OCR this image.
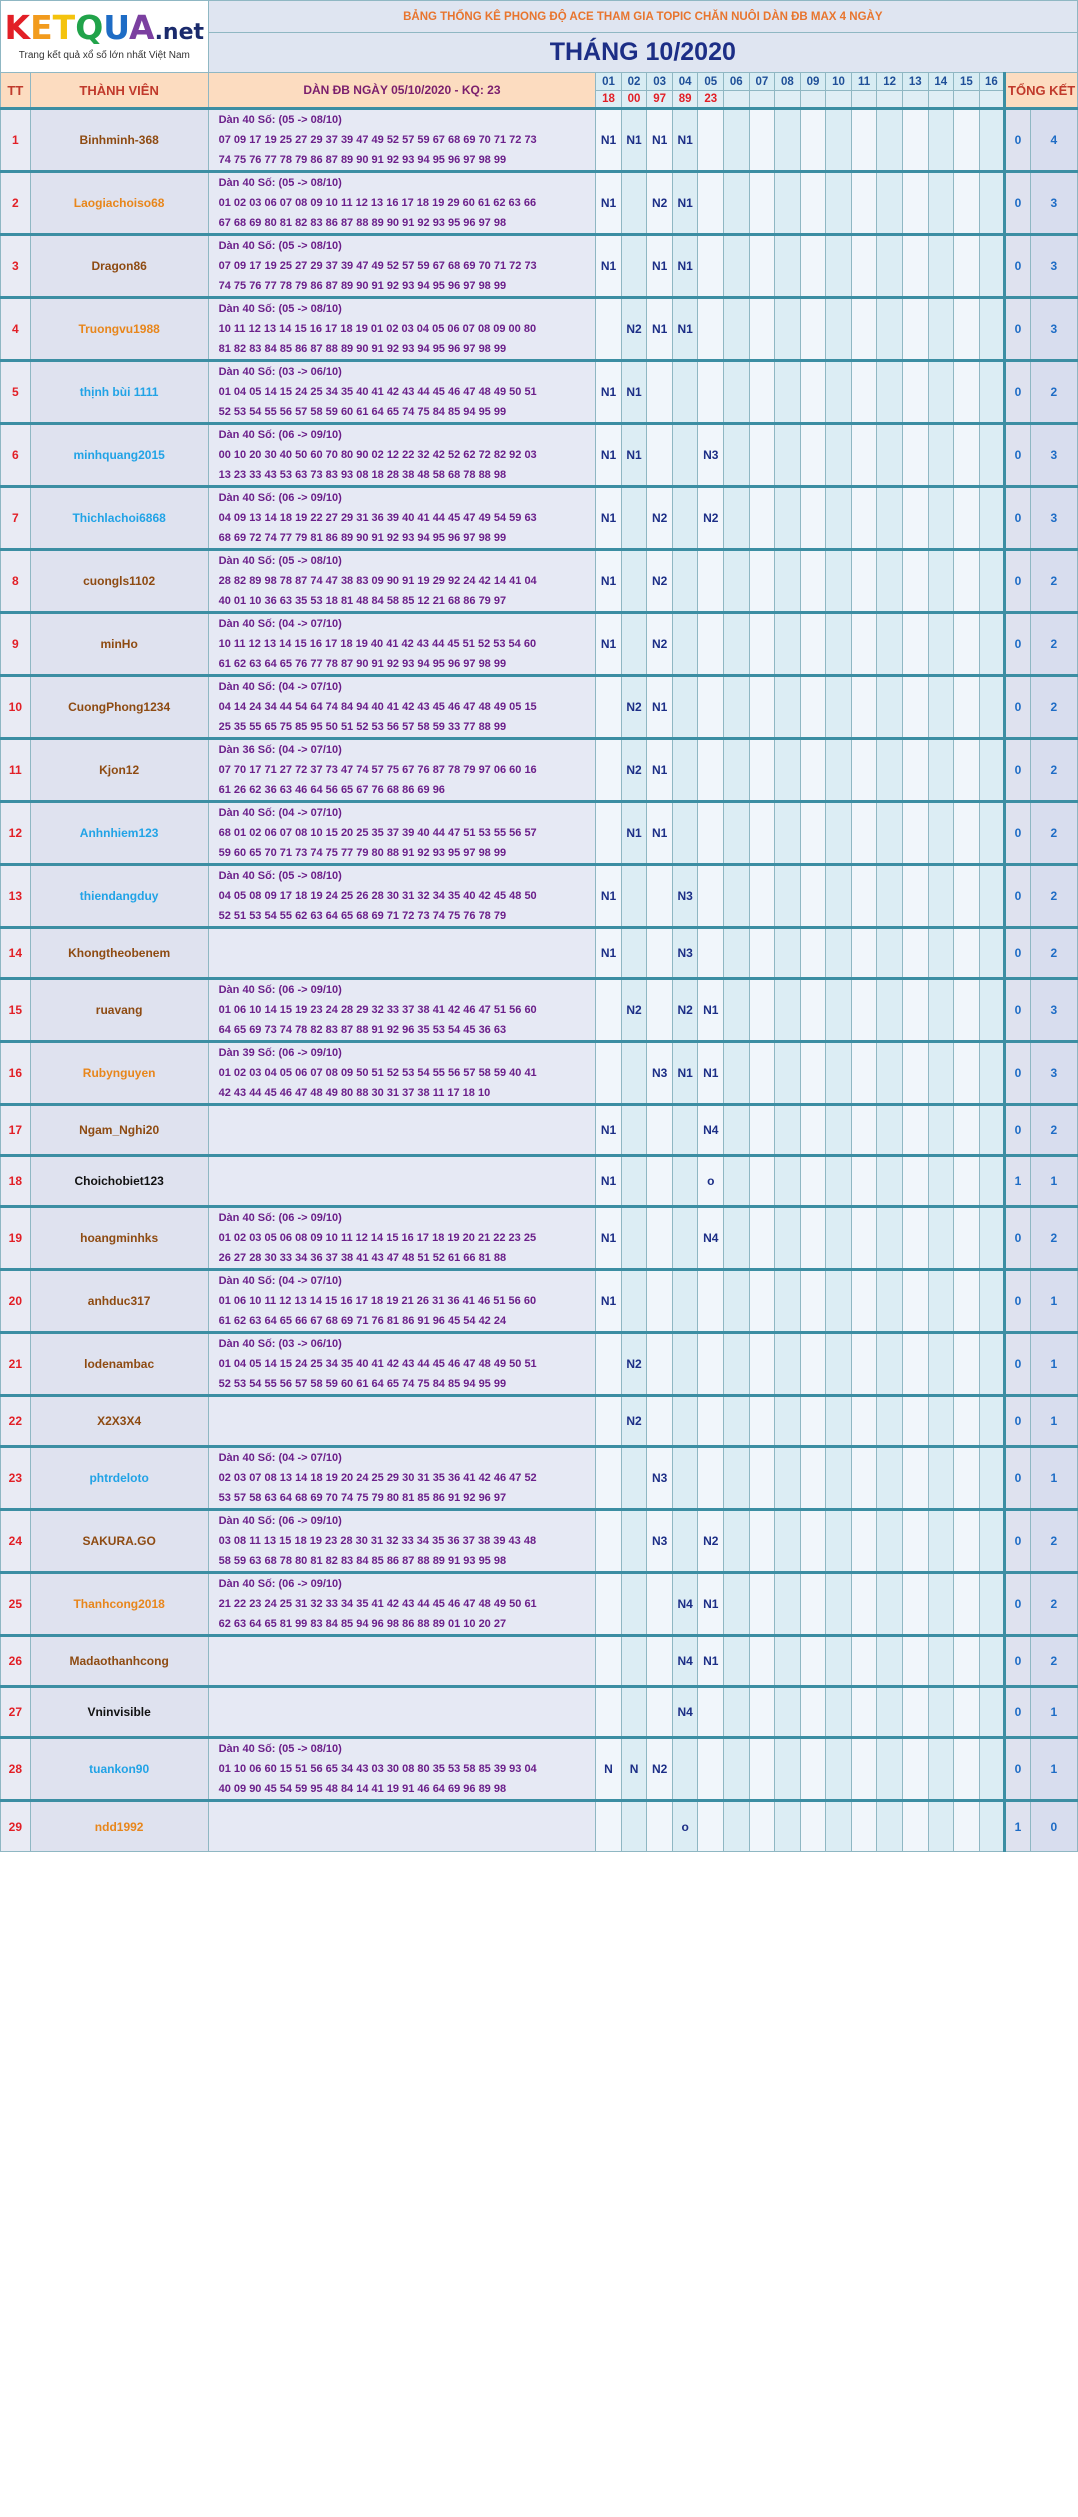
KETQUA.net
Trang kết quả xổ số lớn nhất Việt Nam		BẢNG THỐNG KÊ PHONG ĐỘ ACE THAM GIA TOPIC CHĂN NUÔI DÀN ĐB MAX 4 NGÀY																		
		THÁNG 10/2020																		
TT	THÀNH VIÊN	DÀN ĐB NGÀY 05/10/2020 - KQ: 23	01	02	03	04	05	06	07	08	09	10	11	12	13	14	15	16	TỔNG KẾT	
			18	00	97	89	23													
1	Binhminh-368	Dàn 40 Số: (05 -> 08/10)
07 09 17 19 25 27 29 37 39 47 49 52 57 59 67 68 69 70 71 72 73
74 75 76 77 78 79 86 87 89 90 91 92 93 94 95 96 97 98 99	N1	N1	N1	N1													0	4
2	Laogiachoiso68	Dàn 40 Số: (05 -> 08/10)
01 02 03 06 07 08 09 10 11 12 13 16 17 18 19 29 60 61 62 63 66
67 68 69 80 81 82 83 86 87 88 89 90 91 92 93 95 96 97 98	N1		N2	N1													0	3
3	Dragon86	Dàn 40 Số: (05 -> 08/10)
07 09 17 19 25 27 29 37 39 47 49 52 57 59 67 68 69 70 71 72 73
74 75 76 77 78 79 86 87 89 90 91 92 93 94 95 96 97 98 99	N1		N1	N1													0	3
4	Truongvu1988	Dàn 40 Số: (05 -> 08/10)
10 11 12 13 14 15 16 17 18 19 01 02 03 04 05 06 07 08 09 00 80
81 82 83 84 85 86 87 88 89 90 91 92 93 94 95 96 97 98 99		N2	N1	N1													0	3
5	thịnh bùi 1111	Dàn 40 Số: (03 -> 06/10)
01 04 05 14 15 24 25 34 35 40 41 42 43 44 45 46 47 48 49 50 51
52 53 54 55 56 57 58 59 60 61 64 65 74 75 84 85 94 95 99	N1	N1															0	2
6	minhquang2015	Dàn 40 Số: (06 -> 09/10)
00 10 20 30 40 50 60 70 80 90 02 12 22 32 42 52 62 72 82 92 03
13 23 33 43 53 63 73 83 93 08 18 28 38 48 58 68 78 88 98	N1	N1			N3												0	3
7	Thichlachoi6868	Dàn 40 Số: (06 -> 09/10)
04 09 13 14 18 19 22 27 29 31 36 39 40 41 44 45 47 49 54 59 63
68 69 72 74 77 79 81 86 89 90 91 92 93 94 95 96 97 98 99	N1		N2		N2												0	3
8	cuongls1102	Dàn 40 Số: (05 -> 08/10)
28 82 89 98 78 87 74 47 38 83 09 90 91 19 29 92 24 42 14 41 04
40 01 10 36 63 35 53 18 81 48 84 58 85 12 21 68 86 79 97	N1		N2														0	2
9	minHo	Dàn 40 Số: (04 -> 07/10)
10 11 12 13 14 15 16 17 18 19 40 41 42 43 44 45 51 52 53 54 60
61 62 63 64 65 76 77 78 87 90 91 92 93 94 95 96 97 98 99	N1		N2														0	2
10	CuongPhong1234	Dàn 40 Số: (04 -> 07/10)
04 14 24 34 44 54 64 74 84 94 40 41 42 43 45 46 47 48 49 05 15
25 35 55 65 75 85 95 50 51 52 53 56 57 58 59 33 77 88 99		N2	N1														0	2
11	Kjon12	Dàn 36 Số: (04 -> 07/10)
07 70 17 71 27 72 37 73 47 74 57 75 67 76 87 78 79 97 06 60 16
61 26 62 36 63 46 64 56 65 67 76 68 86 69 96		N2	N1														0	2
12	Anhnhiem123	Dàn 40 Số: (04 -> 07/10)
68 01 02 06 07 08 10 15 20 25 35 37 39 40 44 47 51 53 55 56 57
59 60 65 70 71 73 74 75 77 79 80 88 91 92 93 95 97 98 99		N1	N1														0	2
13	thiendangduy	Dàn 40 Số: (05 -> 08/10)
04 05 08 09 17 18 19 24 25 26 28 30 31 32 34 35 40 42 45 48 50
52 51 53 54 55 62 63 64 65 68 69 71 72 73 74 75 76 78 79	N1			N3													0	2
14	Khongtheobenem		N1			N3													0	2
15	ruavang	Dàn 40 Số: (06 -> 09/10)
01 06 10 14 15 19 23 24 28 29 32 33 37 38 41 42 46 47 51 56 60
64 65 69 73 74 78 82 83 87 88 91 92 96 35 53 54 45 36 63		N2		N2	N1												0	3
16	Rubynguyen	Dàn 39 Số: (06 -> 09/10)
01 02 03 04 05 06 07 08 09 50 51 52 53 54 55 56 57 58 59 40 41
42 43 44 45 46 47 48 49 80 88 30 31 37 38 11 17 18 10			N3	N1	N1												0	3
17	Ngam_Nghi20		N1				N4												0	2
18	Choichobiet123		N1				o												1	1
19	hoangminhks	Dàn 40 Số: (06 -> 09/10)
01 02 03 05 06 08 09 10 11 12 14 15 16 17 18 19 20 21 22 23 25
26 27 28 30 33 34 36 37 38 41 43 47 48 51 52 61 66 81 88	N1				N4												0	2
20	anhduc317	Dàn 40 Số: (04 -> 07/10)
01 06 10 11 12 13 14 15 16 17 18 19 21 26 31 36 41 46 51 56 60
61 62 63 64 65 66 67 68 69 71 76 81 86 91 96 45 54 42 24	N1																0	1
21	lodenambac	Dàn 40 Số: (03 -> 06/10)
01 04 05 14 15 24 25 34 35 40 41 42 43 44 45 46 47 48 49 50 51
52 53 54 55 56 57 58 59 60 61 64 65 74 75 84 85 94 95 99		N2															0	1
22	X2X3X4			N2															0	1
23	phtrdeloto	Dàn 40 Số: (04 -> 07/10)
02 03 07 08 13 14 18 19 20 24 25 29 30 31 35 36 41 42 46 47 52
53 57 58 63 64 68 69 70 74 75 79 80 81 85 86 91 92 96 97			N3														0	1
24	SAKURA.GO	Dàn 40 Số: (06 -> 09/10)
03 08 11 13 15 18 19 23 28 30 31 32 33 34 35 36 37 38 39 43 48
58 59 63 68 78 80 81 82 83 84 85 86 87 88 89 91 93 95 98			N3		N2												0	2
25	Thanhcong2018	Dàn 40 Số: (06 -> 09/10)
21 22 23 24 25 31 32 33 34 35 41 42 43 44 45 46 47 48 49 50 61
62 63 64 65 81 99 83 84 85 94 96 98 86 88 89 01 10 20 27				N4	N1												0	2
26	Madaothanhcong					N4	N1												0	2
27	Vninvisible					N4													0	1
28	tuankon90	Dàn 40 Số: (05 -> 08/10)
01 10 06 60 15 51 56 65 34 43 03 30 08 80 35 53 58 85 39 93 04
40 09 90 45 54 59 95 48 84 14 41 19 91 46 64 69 96 89 98	N	N	N2														0	1
29	ndd1992					o													1	0
